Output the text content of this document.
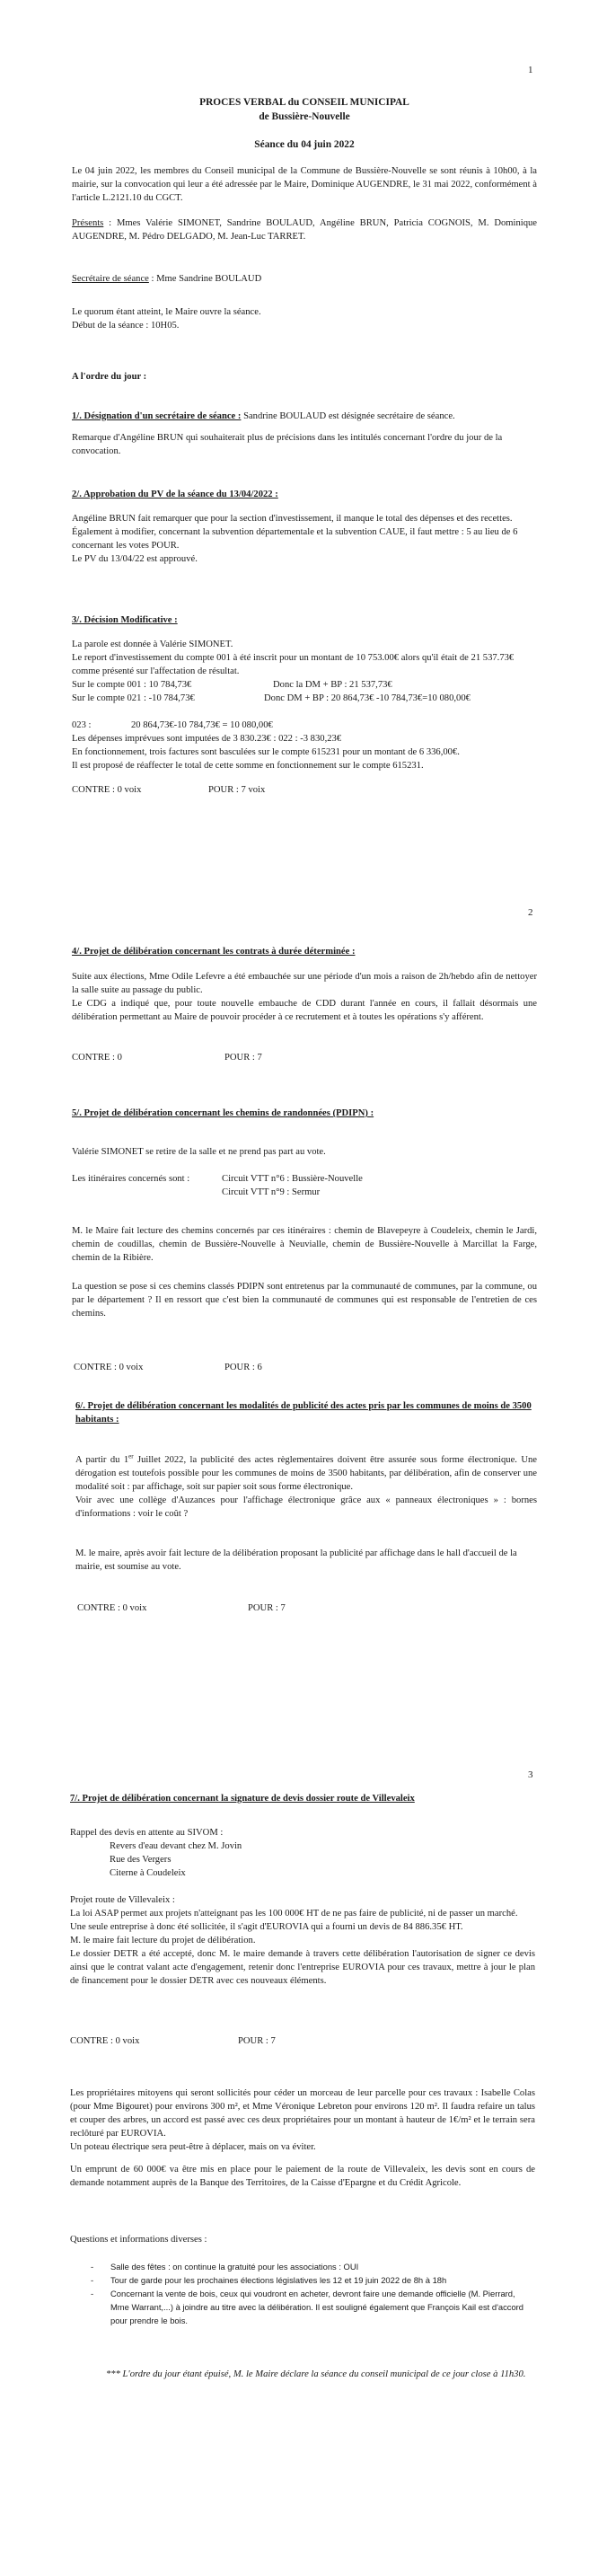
1
PROCES VERBAL du CONSEIL MUNICIPAL
de Bussière-Nouvelle
Séance du 04 juin 2022
Le 04 juin 2022, les membres du Conseil municipal de la Commune de Bussière-Nouvelle se sont réunis à 10h00, à la mairie, sur la convocation qui leur a été adressée par le Maire, Dominique AUGENDRE, le 31 mai 2022, conformément à l'article L.2121.10 du CGCT.
Présents : Mmes Valérie SIMONET, Sandrine BOULAUD, Angéline BRUN, Patricia COGNOIS, M. Dominique AUGENDRE, M. Pédro DELGADO, M. Jean-Luc TARRET.
Secrétaire de séance : Mme Sandrine BOULAUD
Le quorum étant atteint, le Maire ouvre la séance.
Début de la séance : 10H05.
A l'ordre du jour :
1/. Désignation d'un secrétaire de séance : Sandrine BOULAUD est désignée secrétaire de séance.
Remarque d'Angéline BRUN qui souhaiterait plus de précisions dans les intitulés concernant l'ordre du jour de la convocation.
2/. Approbation du PV de la séance du 13/04/2022 :
Angéline BRUN fait remarquer que pour la section d'investissement, il manque le total des dépenses et des recettes.
Également à modifier, concernant la subvention départementale et la subvention CAUE, il faut mettre : 5 au lieu de 6 concernant les votes POUR.
Le PV du 13/04/22 est approuvé.
3/. Décision Modificative :
La parole est donnée à Valérie SIMONET.
Le report d'investissement du compte 001 à été inscrit pour un montant de 10 753.00€ alors qu'il était de 21 537.73€ comme présenté sur l'affectation de résultat.
Sur le compte 001 : 10 784,73€	Donc la DM + BP : 21 537,73€
Sur le compte 021 : -10 784,73€	Donc DM + BP : 20 864,73€ -10 784,73€=10 080,00€
023 :	20 864,73€-10 784,73€ = 10 080,00€
Les dépenses imprévues sont imputées de 3 830.23€ : 022 : -3 830,23€
En fonctionnement, trois factures sont basculées sur le compte 615231 pour un montant de 6 336,00€.
Il est proposé de réaffecter le total de cette somme en fonctionnement sur le compte 615231.
CONTRE : 0 voix	POUR : 7 voix
2
4/. Projet de délibération concernant les contrats à durée déterminée :
Suite aux élections, Mme Odile Lefevre a été embauchée sur une période d'un mois a raison de 2h/hebdo afin de nettoyer la salle suite au passage du public.
Le CDG a indiqué que, pour toute nouvelle embauche de CDD durant l'année en cours, il fallait désormais une délibération permettant au Maire de pouvoir procéder à ce recrutement et à toutes les opérations s'y afférent.
CONTRE : 0	POUR : 7
5/. Projet de délibération concernant les chemins de randonnées (PDIPN) :
Valérie SIMONET se retire de la salle et ne prend pas part au vote.
Les itinéraires concernés sont :	Circuit VTT n°6 : Bussière-Nouvelle
Circuit VTT n°9 : Sermur
M. le Maire fait lecture des chemins concernés par ces itinéraires : chemin de Blavepeyre à Coudeleix, chemin le Jardi, chemin de coudillas, chemin de Bussière-Nouvelle à Neuvialle, chemin de Bussière-Nouvelle à Marcillat la Farge, chemin de la Ribière.
La question se pose si ces chemins classés PDIPN sont entretenus par la communauté de communes, par la commune, ou par le département ? Il en ressort que c'est bien la communauté de communes qui est responsable de l'entretien de ces chemins.
CONTRE : 0 voix	POUR : 6
6/. Projet de délibération concernant les modalités de publicité des actes pris par les communes de moins de 3500 habitants :
A partir du 1er Juillet 2022, la publicité des actes règlementaires doivent être assurée sous forme électronique. Une dérogation est toutefois possible pour les communes de moins de 3500 habitants, par délibération, afin de conserver une modalité soit : par affichage, soit sur papier soit sous forme électronique.
Voir avec une collège d'Auzances pour l'affichage électronique grâce aux « panneaux électroniques » : bornes d'informations : voir le coût ?
M. le maire, après avoir fait lecture de la délibération proposant la publicité par affichage dans le hall d'accueil de la mairie, est soumise au vote.
CONTRE : 0 voix	POUR : 7
3
7/. Projet de délibération concernant la signature de devis dossier route de Villevaleix
Rappel des devis en attente au SIVOM :
Revers d'eau devant chez M. Jovin
Rue des Vergers
Citerne à Coudeleix
Projet route de Villevaleix :
La loi ASAP permet aux projets n'atteignant pas les 100 000€ HT de ne pas faire de publicité, ni de passer un marché.
Une seule entreprise à donc été sollicitée, il s'agit d'EUROVIA qui a fourni un devis de 84 886.35€ HT.
M. le maire fait lecture du projet de délibération.
Le dossier DETR a été accepté, donc M. le maire demande à travers cette délibération l'autorisation de signer ce devis ainsi que le contrat valant acte d'engagement, retenir donc l'entreprise EUROVIA pour ces travaux, mettre à jour le plan de financement pour le dossier DETR avec ces nouveaux éléments.
CONTRE : 0 voix	POUR : 7
Les propriétaires mitoyens qui seront sollicités pour céder un morceau de leur parcelle pour ces travaux : Isabelle Colas (pour Mme Bigouret) pour environs 300 m², et Mme Véronique Lebreton pour environs 120 m². Il faudra refaire un talus et couper des arbres, un accord est passé avec ces deux propriétaires pour un montant à hauteur de 1€/m² et le terrain sera reclôturé par EUROVIA.
Un poteau électrique sera peut-être à déplacer, mais on va éviter.
Un emprunt de 60 000€ va être mis en place pour le paiement de la route de Villevaleix, les devis sont en cours de demande notamment auprès de la Banque des Territoires, de la Caisse d'Epargne et du Crédit Agricole.
Questions et informations diverses :
- Salle des fêtes : on continue la gratuité pour les associations : OUI
- Tour de garde pour les prochaines élections législatives les 12 et 19 juin 2022 de 8h à 18h
- Concernant la vente de bois, ceux qui voudront en acheter, devront faire une demande officielle (M. Pierrard, Mme Warrant,...) à joindre au titre avec la délibération. Il est souligné également que François Kail est d'accord pour prendre le bois.
*** L'ordre du jour étant épuisé, M. le Maire déclare la séance du conseil municipal de ce jour close à 11h30.
